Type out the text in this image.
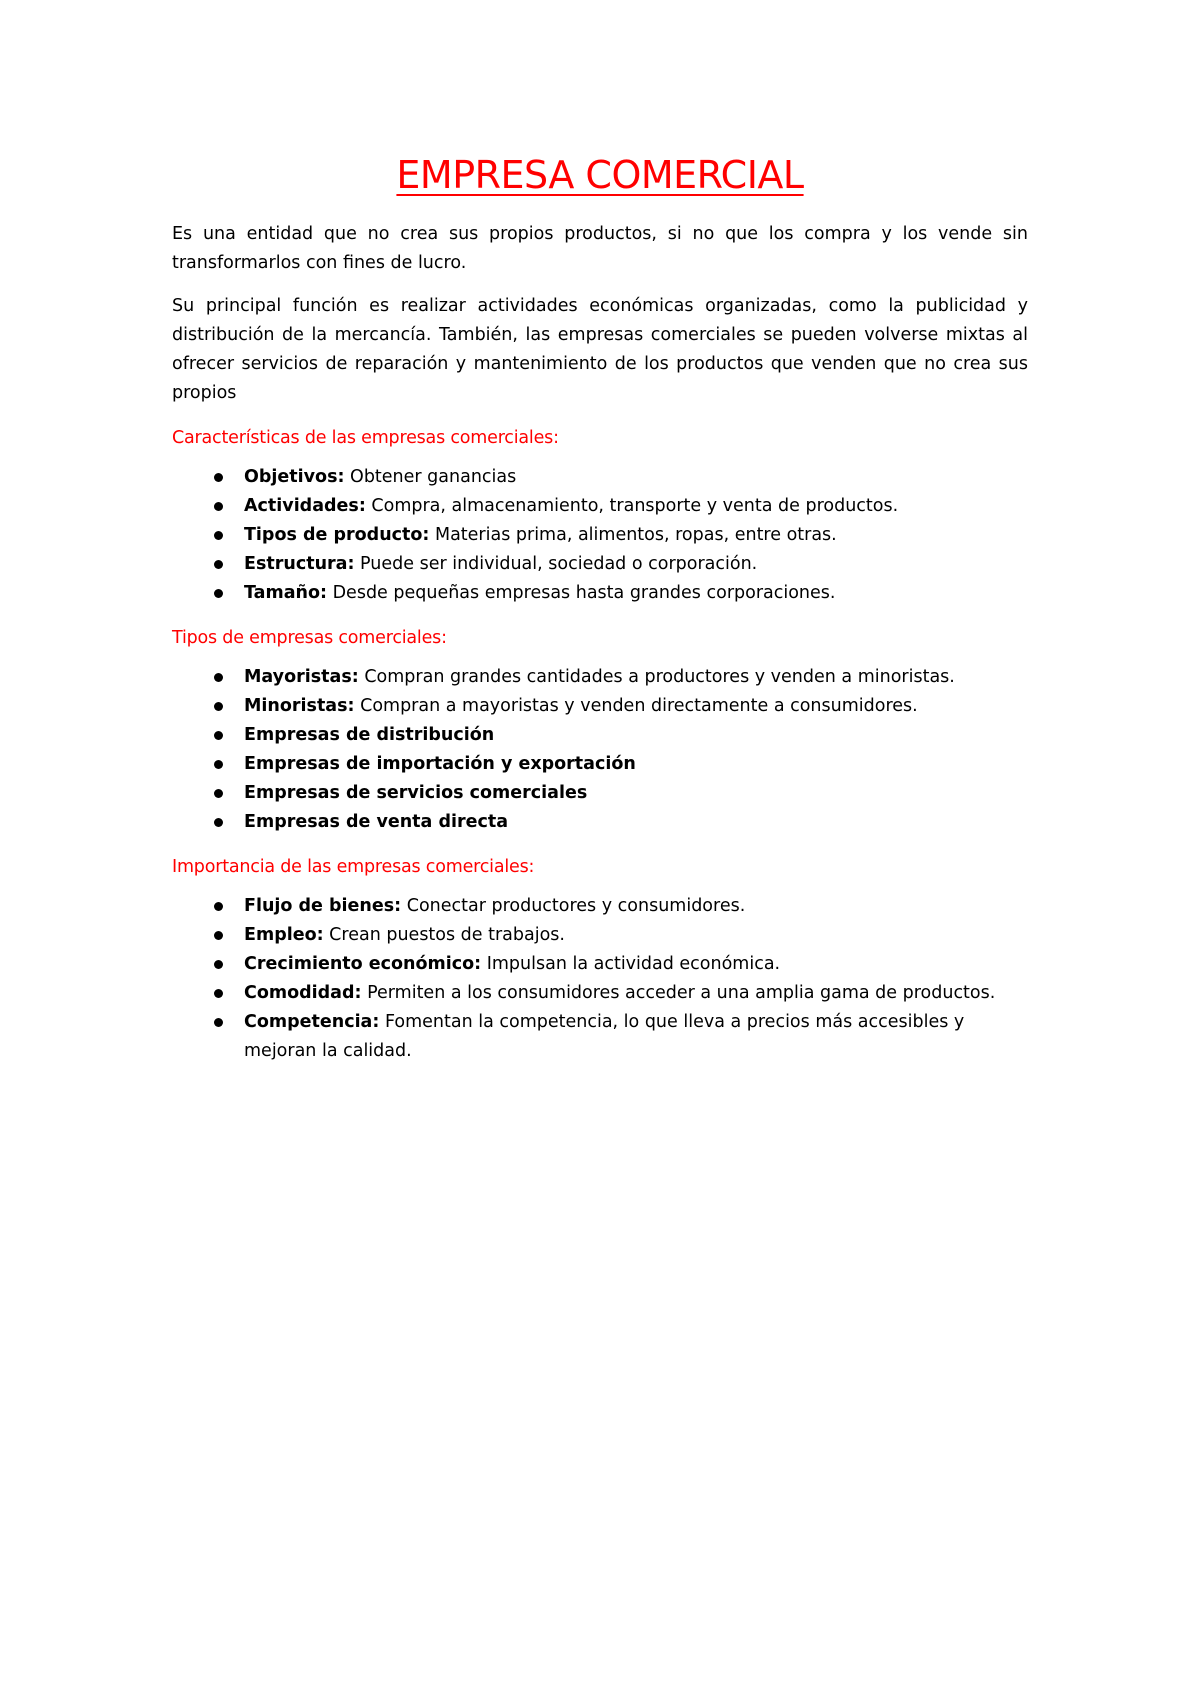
EMPRESA COMERCIAL

Es una entidad que no crea sus propios productos, si no que los compra y los vende sin transformarlos con fines de lucro.

Su principal función es realizar actividades económicas organizadas, como la publicidad y distribución de la mercancía. También, las empresas comerciales se pueden volverse mixtas al ofrecer servicios de reparación y mantenimiento de los productos que venden que no crea sus propios

Características de las empresas comerciales:
Objetivos: Obtener ganancias
Actividades: Compra, almacenamiento, transporte y venta de productos.
Tipos de producto: Materias prima, alimentos, ropas, entre otras.
Estructura: Puede ser individual, sociedad o corporación.
Tamaño: Desde pequeñas empresas hasta grandes corporaciones.
Tipos de empresas comerciales:
Mayoristas: Compran grandes cantidades a productores y venden a minoristas.
Minoristas: Compran a mayoristas y venden directamente a consumidores.
Empresas de distribución
Empresas de importación y exportación
Empresas de servicios comerciales
Empresas de venta directa
Importancia de las empresas comerciales:
Flujo de bienes: Conectar productores y consumidores.
Empleo: Crean puestos de trabajos.
Crecimiento económico: Impulsan la actividad económica.
Comodidad: Permiten a los consumidores acceder a una amplia gama de productos.
Competencia: Fomentan la competencia, lo que lleva a precios más accesibles y mejoran la calidad.
